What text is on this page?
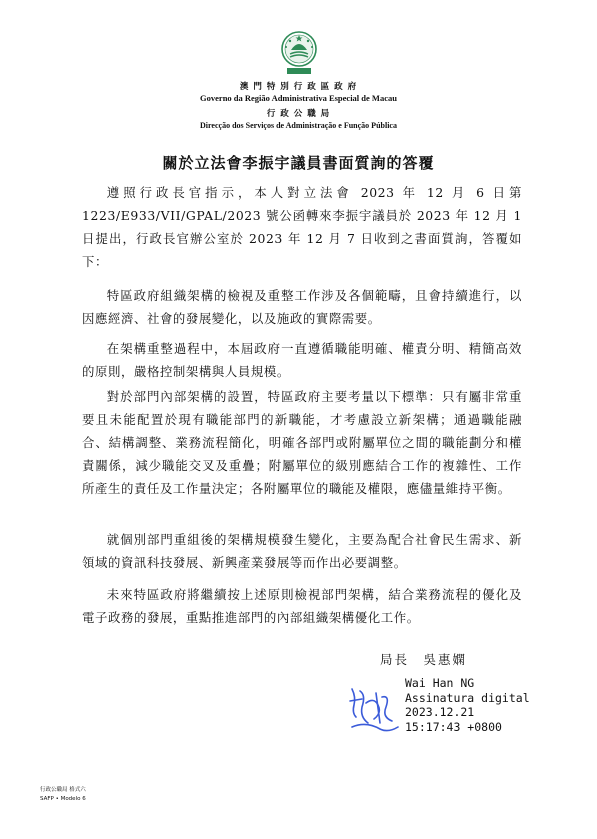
澳 門 特 別 行 政 區 政 府
Governo da Região Administrativa Especial de Macau
行 政 公 職 局
Direcção dos Serviços de Administração e Função Pública
關於立法會李振宇議員書面質詢的答覆

遵照行政長官指示，本人對立法會 2023 年 12 月 6 日第 1223/E933/VII/GPAL/2023 號公函轉來李振宇議員於 2023 年 12 月 1 日提出，行政長官辦公室於 2023 年 12 月 7 日收到之書面質詢，答覆如下：

特區政府組織架構的檢視及重整工作涉及各個範疇，且會持續進行，以因應經濟、社會的發展變化，以及施政的實際需要。

在架構重整過程中，本屆政府一直遵循職能明確、權責分明、精簡高效的原則，嚴格控制架構與人員規模。

對於部門內部架構的設置，特區政府主要考量以下標準：只有屬非常重要且未能配置於現有職能部門的新職能，才考慮設立新架構；通過職能融合、結構調整、業務流程簡化，明確各部門或附屬單位之間的職能劃分和權責關係，減少職能交叉及重疊；附屬單位的級別應結合工作的複雜性、工作所產生的責任及工作量決定；各附屬單位的職能及權限，應儘量維持平衡。

就個別部門重組後的架構規模發生變化，主要為配合社會民生需求、新領域的資訊科技發展、新興產業發展等而作出必要調整。

未來特區政府將繼續按上述原則檢視部門架構，結合業務流程的優化及電子政務的發展，重點推進部門的內部組織架構優化工作。

局長　吳惠嫻
Wai Han NG
Assinatura digital
2023.12.21
15:17:43 +0800
行政公職局 格式六
SAFP • Modelo 6
